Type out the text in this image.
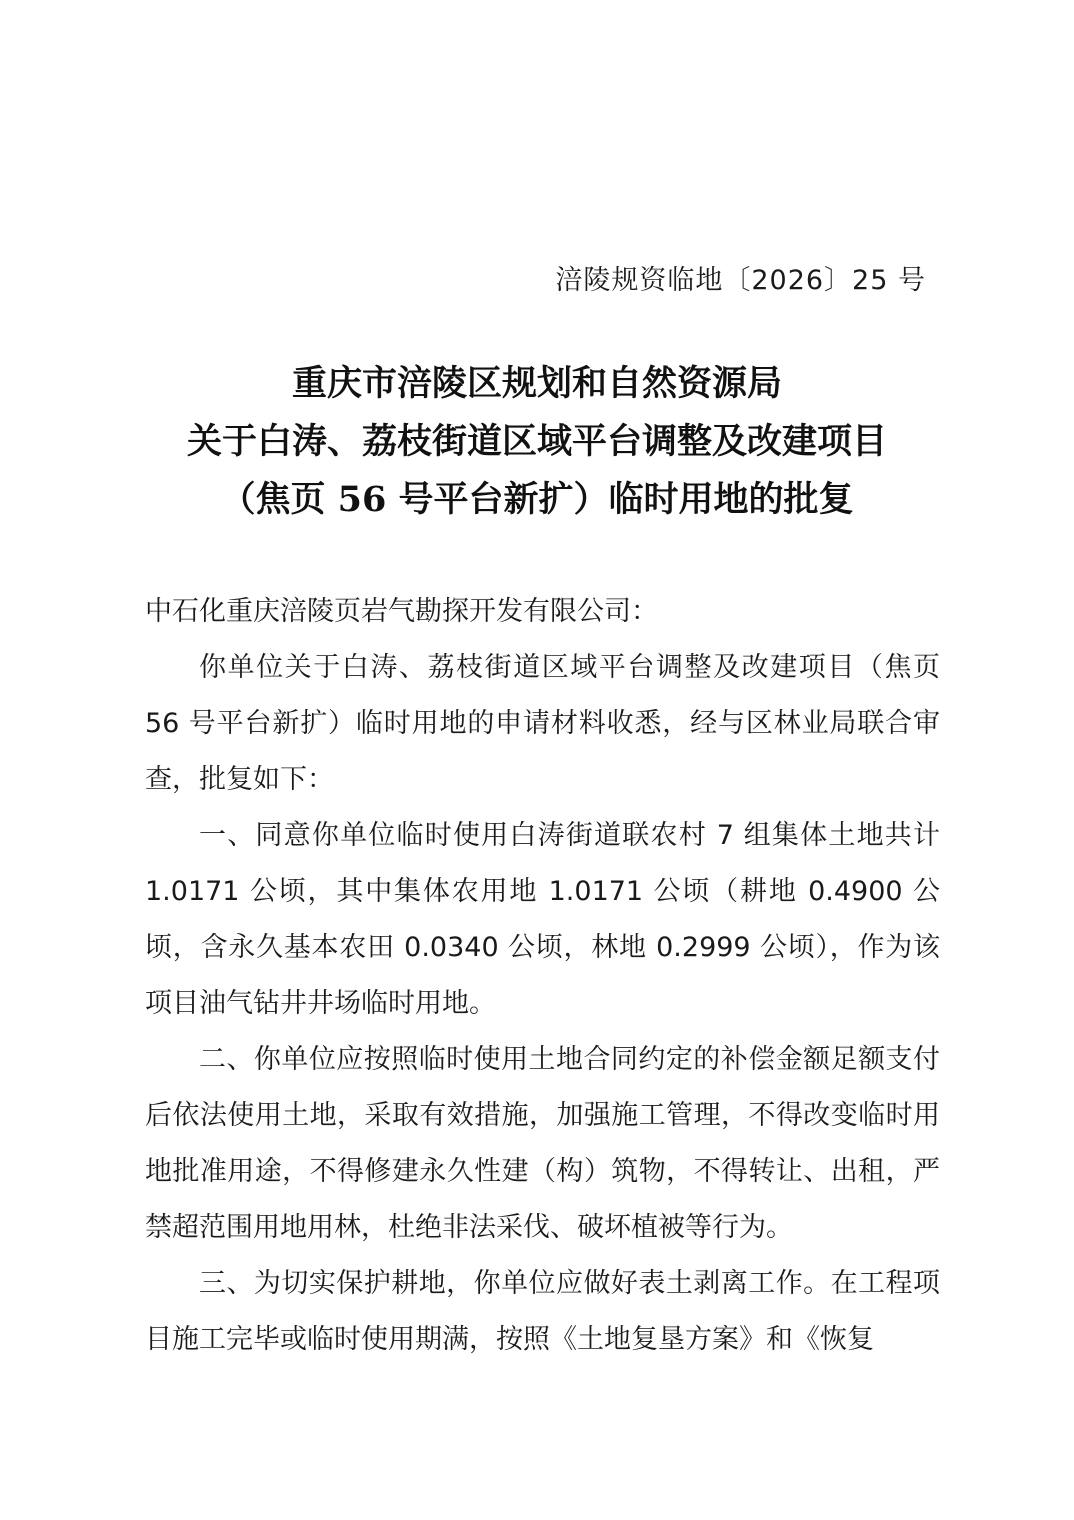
涪陵规资临地〔2026〕25 号
重庆市涪陵区规划和自然资源局
关于白涛、荔枝街道区域平台调整及改建项目
（焦页 56 号平台新扩）临时用地的批复

中石化重庆涪陵页岩气勘探开发有限公司：

你单位关于白涛、荔枝街道区域平台调整及改建项目（焦页 56 号平台新扩）临时用地的申请材料收悉，经与区林业局联合审查，批复如下：

一、同意你单位临时使用白涛街道联农村 7 组集体土地共计 1.0171 公顷，其中集体农用地 1.0171 公顷（耕地 0.4900 公顷，含永久基本农田 0.0340 公顷，林地 0.2999 公顷），作为该项目油气钻井井场临时用地。

二、你单位应按照临时使用土地合同约定的补偿金额足额支付后依法使用土地，采取有效措施，加强施工管理，不得改变临时用地批准用途，不得修建永久性建（构）筑物，不得转让、出租，严禁超范围用地用林，杜绝非法采伐、破坏植被等行为。

三、为切实保护耕地，你单位应做好表土剥离工作。在工程项目施工完毕或临时使用期满，按照《土地复垦方案》和《恢复
